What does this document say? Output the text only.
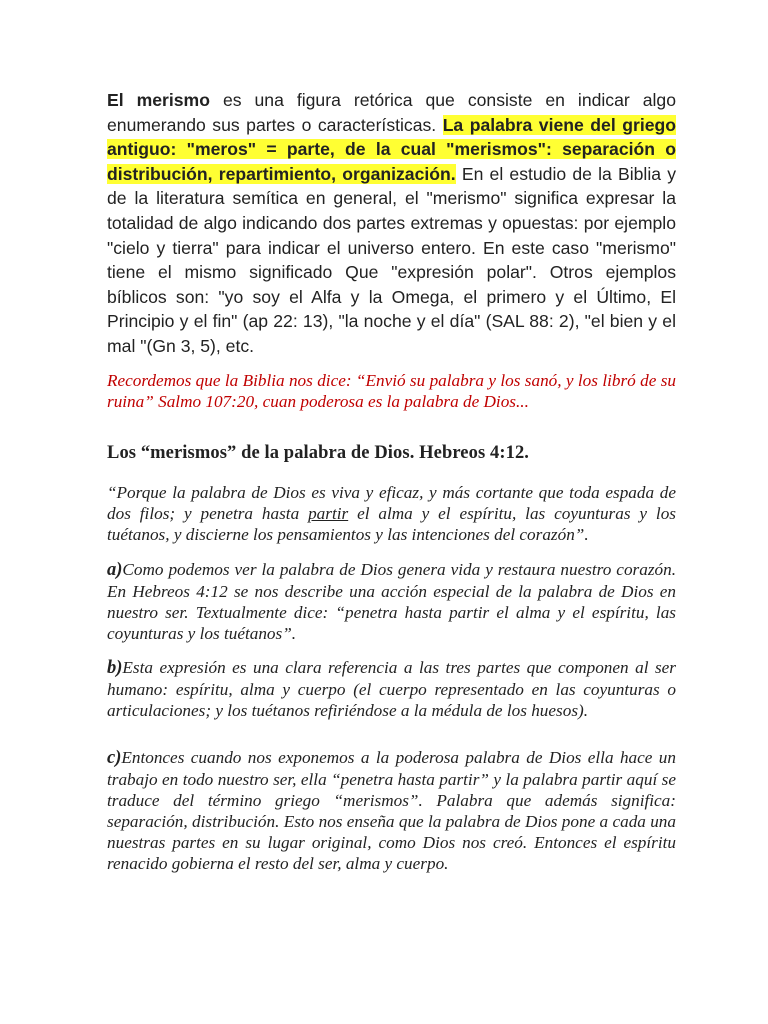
El merismo es una figura retórica que consiste en indicar algo enumerando sus partes o características. La palabra viene del griego antiguo: "meros" = parte, de la cual "merismos": separación o distribución, repartimiento, organización. En el estudio de la Biblia y de la literatura semítica en general, el "merismo" significa expresar la totalidad de algo indicando dos partes extremas y opuestas: por ejemplo "cielo y tierra" para indicar el universo entero. En este caso "merismo" tiene el mismo significado Que "expresión polar". Otros ejemplos bíblicos son: "yo soy el Alfa y la Omega, el primero y el Último, El Principio y el fin" (ap 22: 13), "la noche y el día" (SAL 88: 2), "el bien y el mal "(Gn 3, 5), etc.

Recordemos que la Biblia nos dice: “Envió su palabra y los sanó, y los libró de su ruina” Salmo 107:20, cuan poderosa es la palabra de Dios...

Los “merismos” de la palabra de Dios. Hebreos 4:12.

“Porque la palabra de Dios es viva y eficaz, y más cortante que toda espada de dos filos; y penetra hasta partir el alma y el espíritu, las coyunturas y los tuétanos, y discierne los pensamientos y las intenciones del corazón”.

a)Como podemos ver la palabra de Dios genera vida y restaura nuestro corazón. En Hebreos 4:12 se nos describe una acción especial de la palabra de Dios en nuestro ser. Textualmente dice: “penetra hasta partir el alma y el espíritu, las coyunturas y los tuétanos”.

b)Esta expresión es una clara referencia a las tres partes que componen al ser humano: espíritu, alma y cuerpo (el cuerpo representado en las coyunturas o articulaciones; y los tuétanos refiriéndose a la médula de los huesos).

c)Entonces cuando nos exponemos a la poderosa palabra de Dios ella hace un trabajo en todo nuestro ser, ella “penetra hasta partir” y la palabra partir aquí se traduce del término griego “merismos”. Palabra que además significa: separación, distribución. Esto nos enseña que la palabra de Dios pone a cada una nuestras partes en su lugar original, como Dios nos creó. Entonces el espíritu renacido gobierna el resto del ser, alma y cuerpo.
